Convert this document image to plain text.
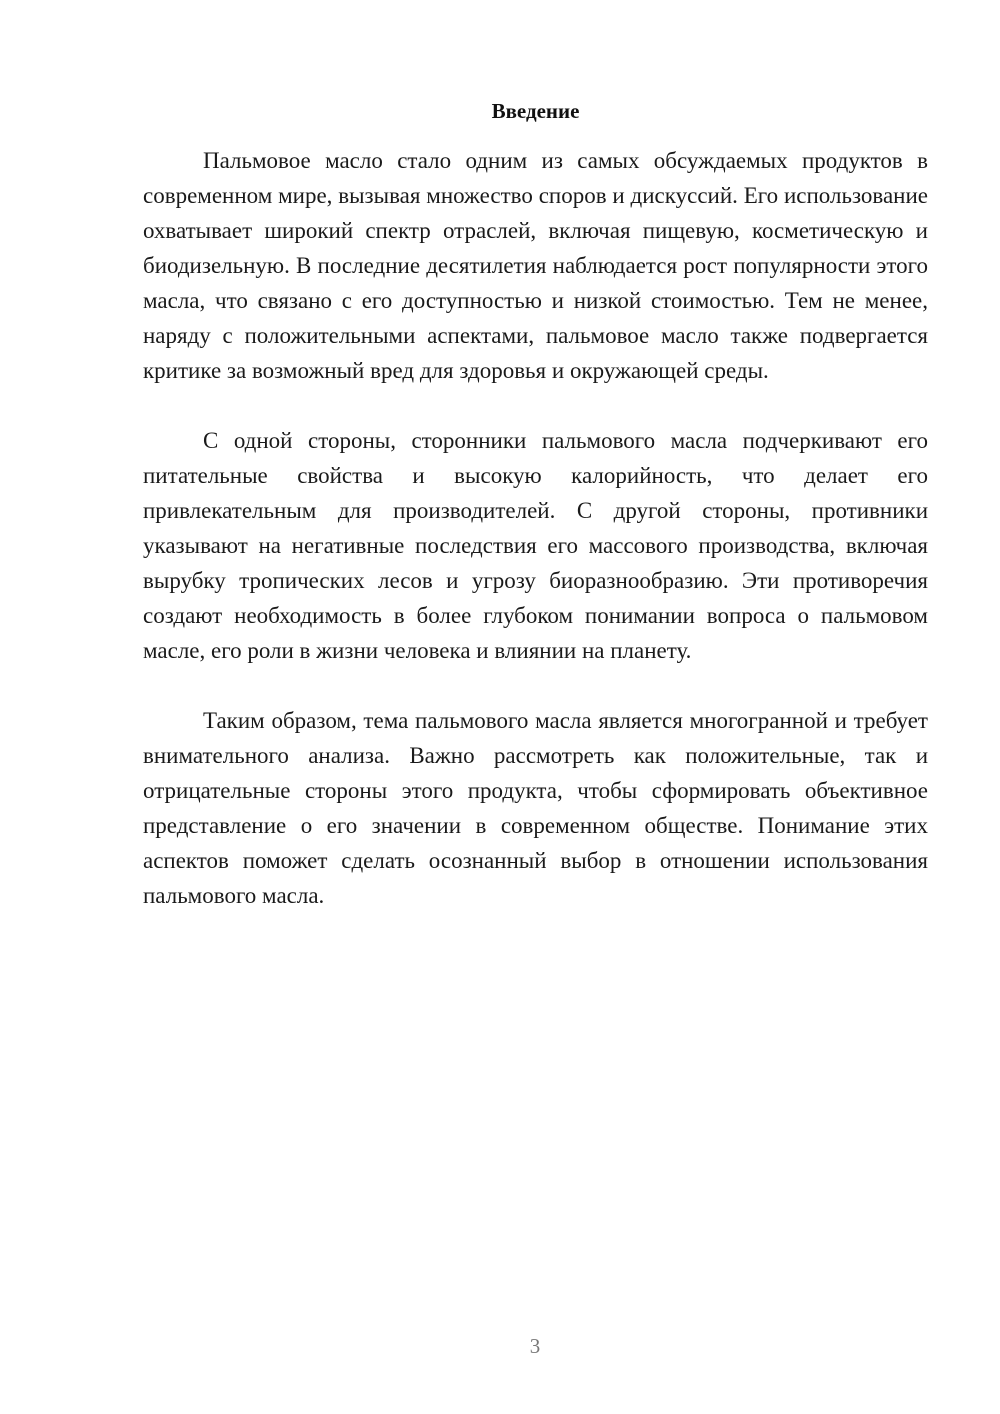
Введение

Пальмовое масло стало одним из самых обсуждаемых продуктов в современном мире, вызывая множество споров и дискуссий. Его использование охватывает широкий спектр отраслей, включая пищевую, косметическую и биодизельную. В последние десятилетия наблюдается рост популярности этого масла, что связано с его доступностью и низкой стоимостью. Тем не менее, наряду с положительными аспектами, пальмовое масло также подвергается критике за возможный вред для здоровья и окружающей среды.

С одной стороны, сторонники пальмового масла подчеркивают его питательные свойства и высокую калорийность, что делает его привлекательным для производителей. С другой стороны, противники указывают на негативные последствия его массового производства, включая вырубку тропических лесов и угрозу биоразнообразию. Эти противоречия создают необходимость в более глубоком понимании вопроса о пальмовом масле, его роли в жизни человека и влиянии на планету.

Таким образом, тема пальмового масла является многогранной и требует внимательного анализа. Важно рассмотреть как положительные, так и отрицательные стороны этого продукта, чтобы сформировать объективное представление о его значении в современном обществе. Понимание этих аспектов поможет сделать осознанный выбор в отношении использования пальмового масла.

3
